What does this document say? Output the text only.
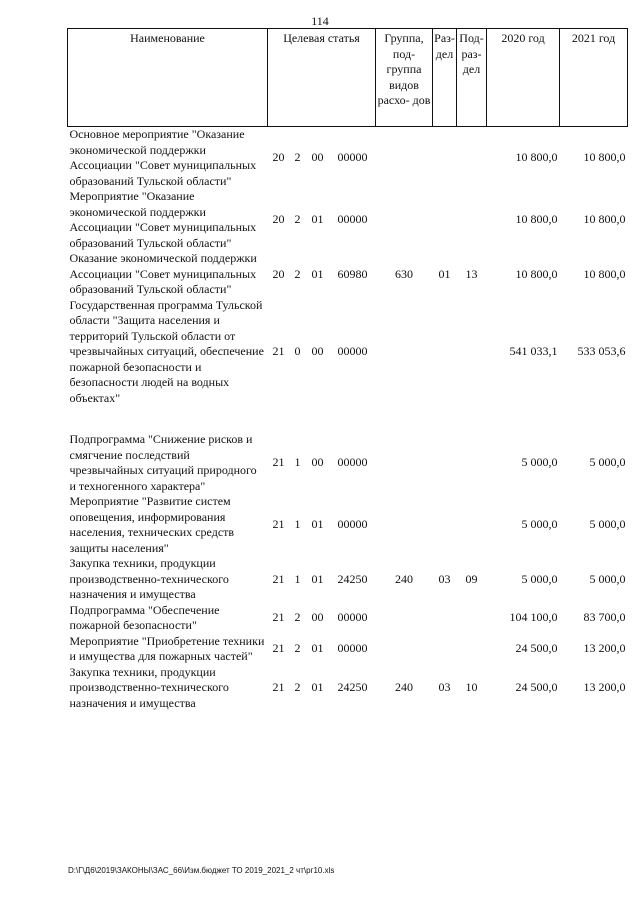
114
Наименование	Целевая статья				Группа, под- группа видов расхо- дов	Раз- дел	Под- раз- дел	2020 год	2021 год
Основное мероприятие "Оказание экономической поддержки Ассоциации "Совет муниципальных образований Тульской области"	20	2	00	00000				10 800,0	10 800,0
Мероприятие "Оказание экономической поддержки Ассоциации "Совет муниципальных образований Тульской области"	20	2	01	00000				10 800,0	10 800,0
Оказание экономической поддержки Ассоциации "Совет муниципальных образований Тульской области"	20	2	01	60980	630	01	13	10 800,0	10 800,0
Государственная программа Тульской области "Защита населения и территорий Тульской области от чрезвычайных ситуаций, обеспечение пожарной безопасности и безопасности людей на водных объектах"	21	0	00	00000				541 033,1	533 053,6

Подпрограмма "Снижение рисков и смягчение последствий чрезвычайных ситуаций природного и техногенного характера"	21	1	00	00000				5 000,0	5 000,0
Мероприятие "Развитие систем оповещения, информирования населения, технических средств защиты населения"	21	1	01	00000				5 000,0	5 000,0
Закупка техники, продукции производственно-технического назначения и имущества	21	1	01	24250	240	03	09	5 000,0	5 000,0
Подпрограмма "Обеспечение пожарной безопасности"	21	2	00	00000				104 100,0	83 700,0
Мероприятие "Приобретение техники и имущества для пожарных частей"	21	2	01	00000				24 500,0	13 200,0
Закупка техники, продукции производственно-технического назначения и имущества	21	2	01	24250	240	03	10	24 500,0	13 200,0
D:\Г\Д6\2019\ЗАКОНЫ\ЗАС_66\Изм.бюджет ТО 2019_2021_2 чт\рг10.xls
